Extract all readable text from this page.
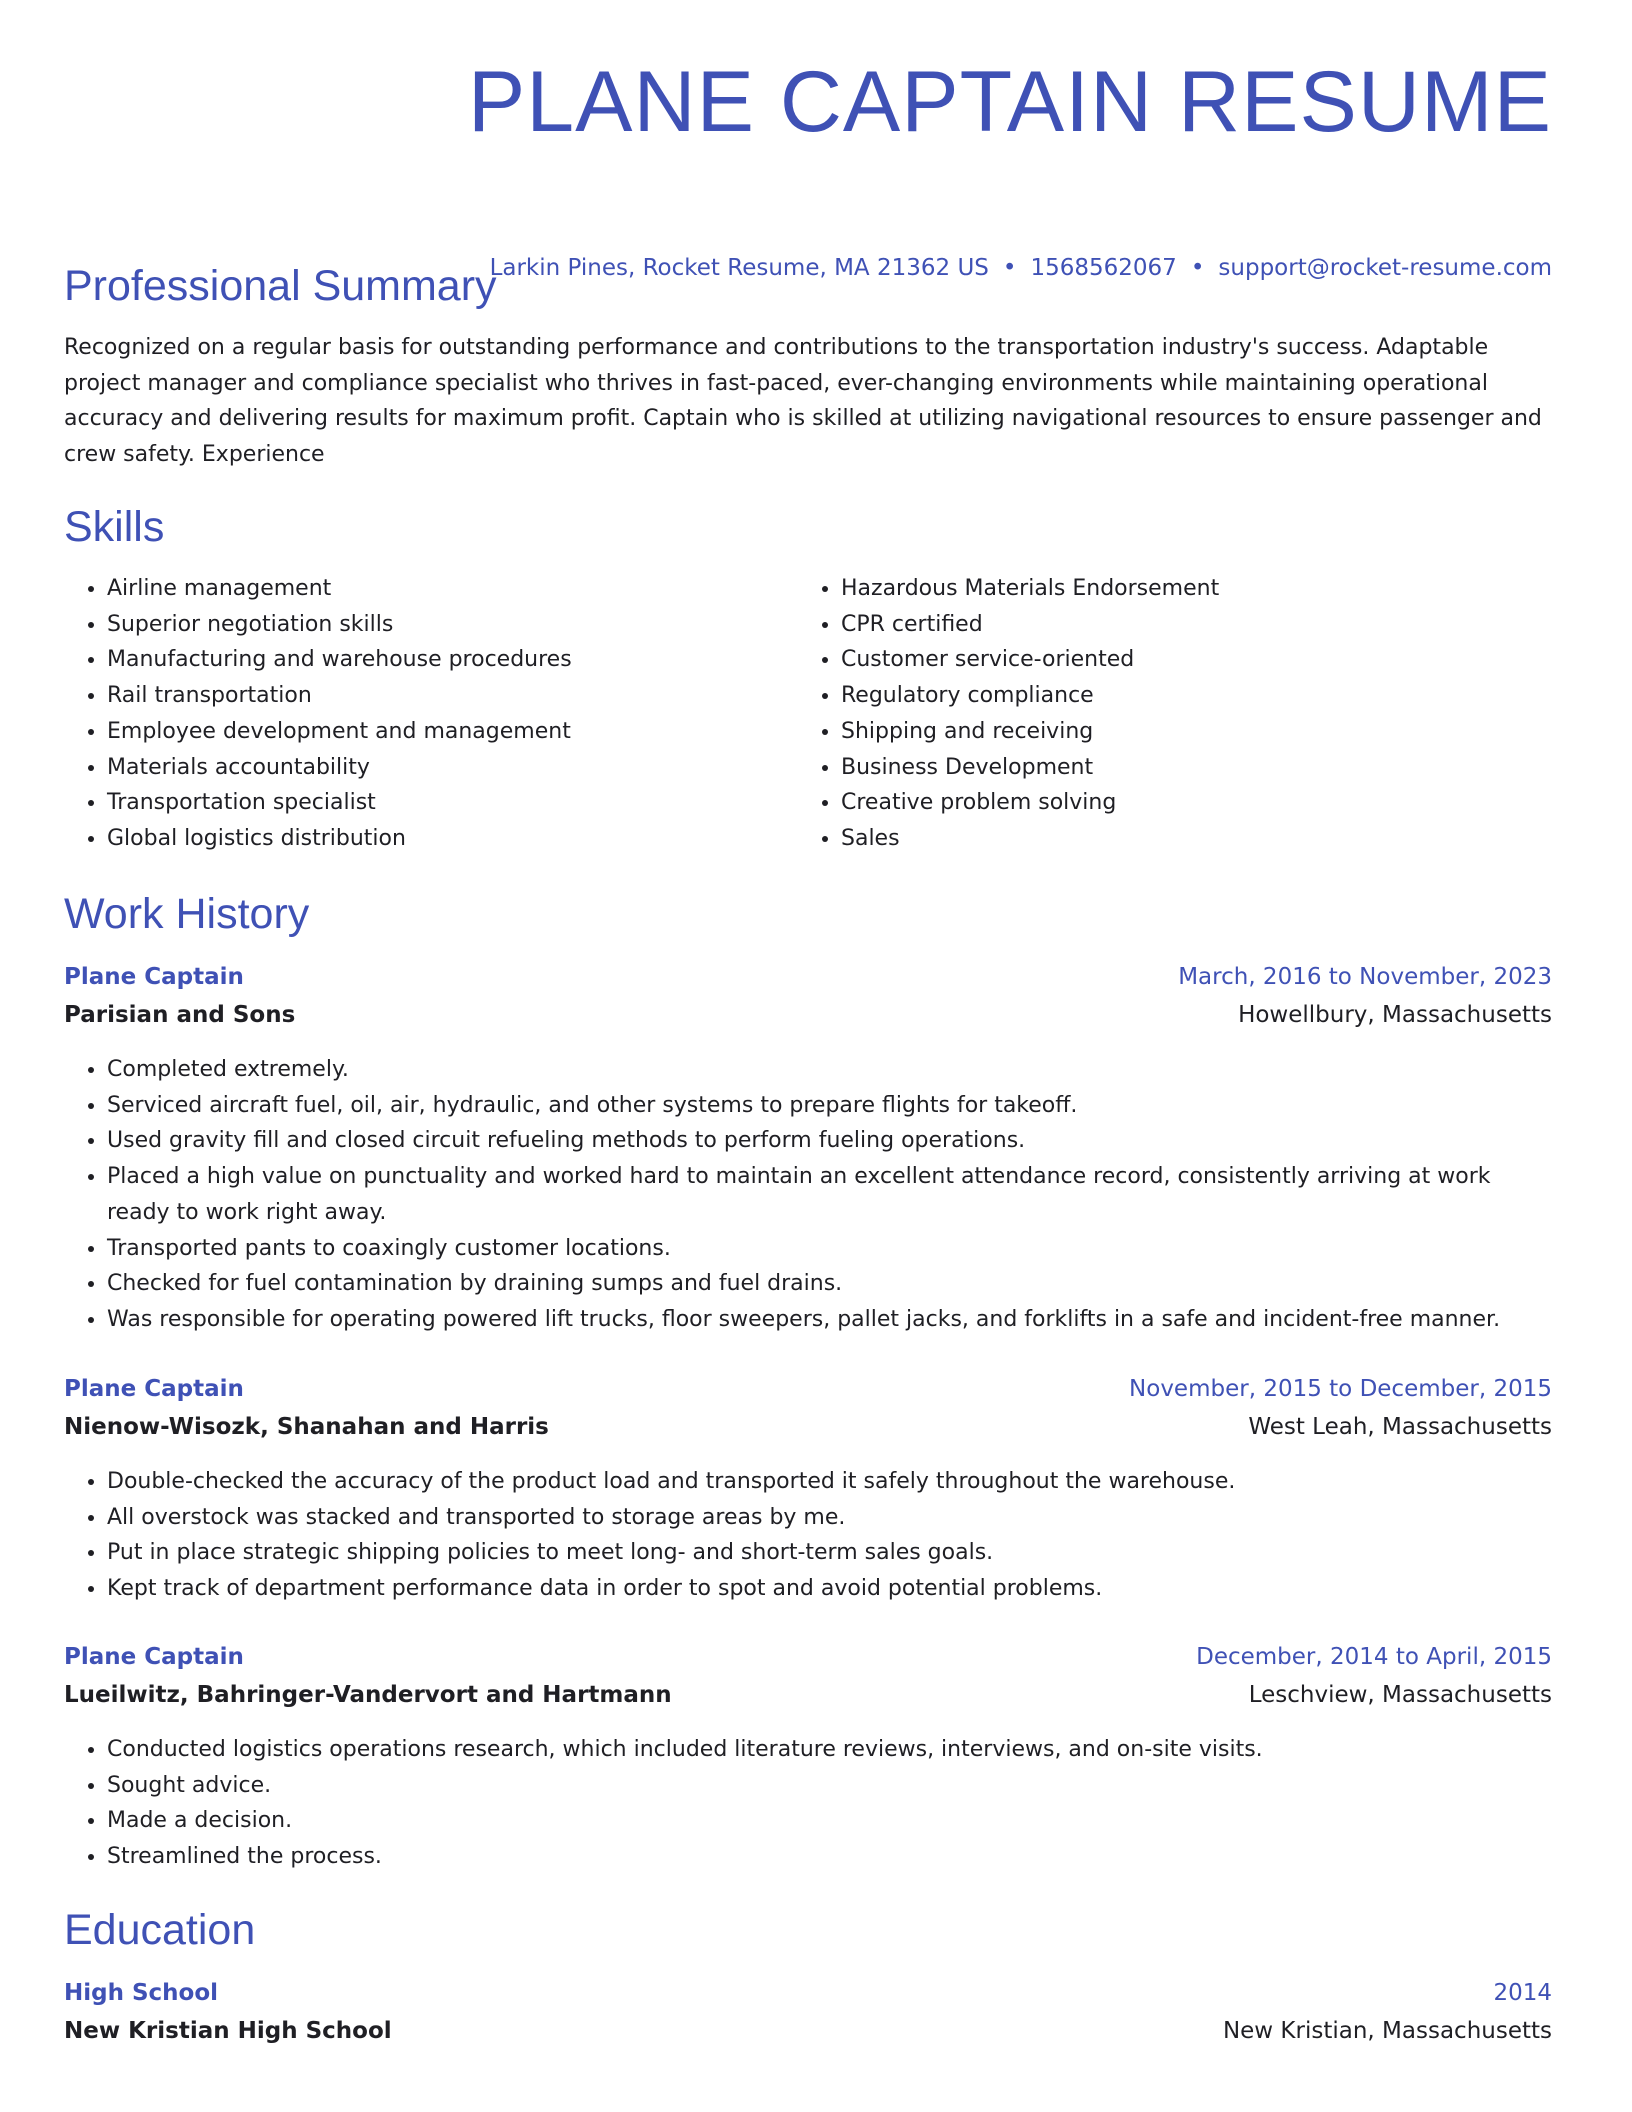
PLANE CAPTAIN RESUME
Larkin Pines, Rocket Resume, MA 21362 US • 1568562067 • support@rocket-resume.com
Professional Summary

Recognized on a regular basis for outstanding performance and contributions to the transportation industry's success. Adaptable project manager and compliance specialist who thrives in fast-paced, ever-changing environments while maintaining operational accuracy and delivering results for maximum profit. Captain who is skilled at utilizing navigational resources to ensure passenger and crew safety. Experience

Skills
• Airline management
• Superior negotiation skills
• Manufacturing and warehouse procedures
• Rail transportation
• Employee development and management
• Materials accountability
• Transportation specialist
• Global logistics distribution
• Hazardous Materials Endorsement
• CPR certified
• Customer service-oriented
• Regulatory compliance
• Shipping and receiving
• Business Development
• Creative problem solving
• Sales
Work History
Plane Captain	March, 2016 to November, 2023
Parisian and Sons	Howellbury, Massachusetts
• Completed extremely.
• Serviced aircraft fuel, oil, air, hydraulic, and other systems to prepare flights for takeoff.
• Used gravity fill and closed circuit refueling methods to perform fueling operations.
• Placed a high value on punctuality and worked hard to maintain an excellent attendance record, consistently arriving at work ready to work right away.
• Transported pants to coaxingly customer locations.
• Checked for fuel contamination by draining sumps and fuel drains.
• Was responsible for operating powered lift trucks, floor sweepers, pallet jacks, and forklifts in a safe and incident-free manner.
Plane Captain	November, 2015 to December, 2015
Nienow-Wisozk, Shanahan and Harris	West Leah, Massachusetts
• Double-checked the accuracy of the product load and transported it safely throughout the warehouse.
• All overstock was stacked and transported to storage areas by me.
• Put in place strategic shipping policies to meet long- and short-term sales goals.
• Kept track of department performance data in order to spot and avoid potential problems.
Plane Captain	December, 2014 to April, 2015
Lueilwitz, Bahringer-Vandervort and Hartmann	Leschview, Massachusetts
• Conducted logistics operations research, which included literature reviews, interviews, and on-site visits.
• Sought advice.
• Made a decision.
• Streamlined the process.
Education
High School	2014
New Kristian High School	New Kristian, Massachusetts
